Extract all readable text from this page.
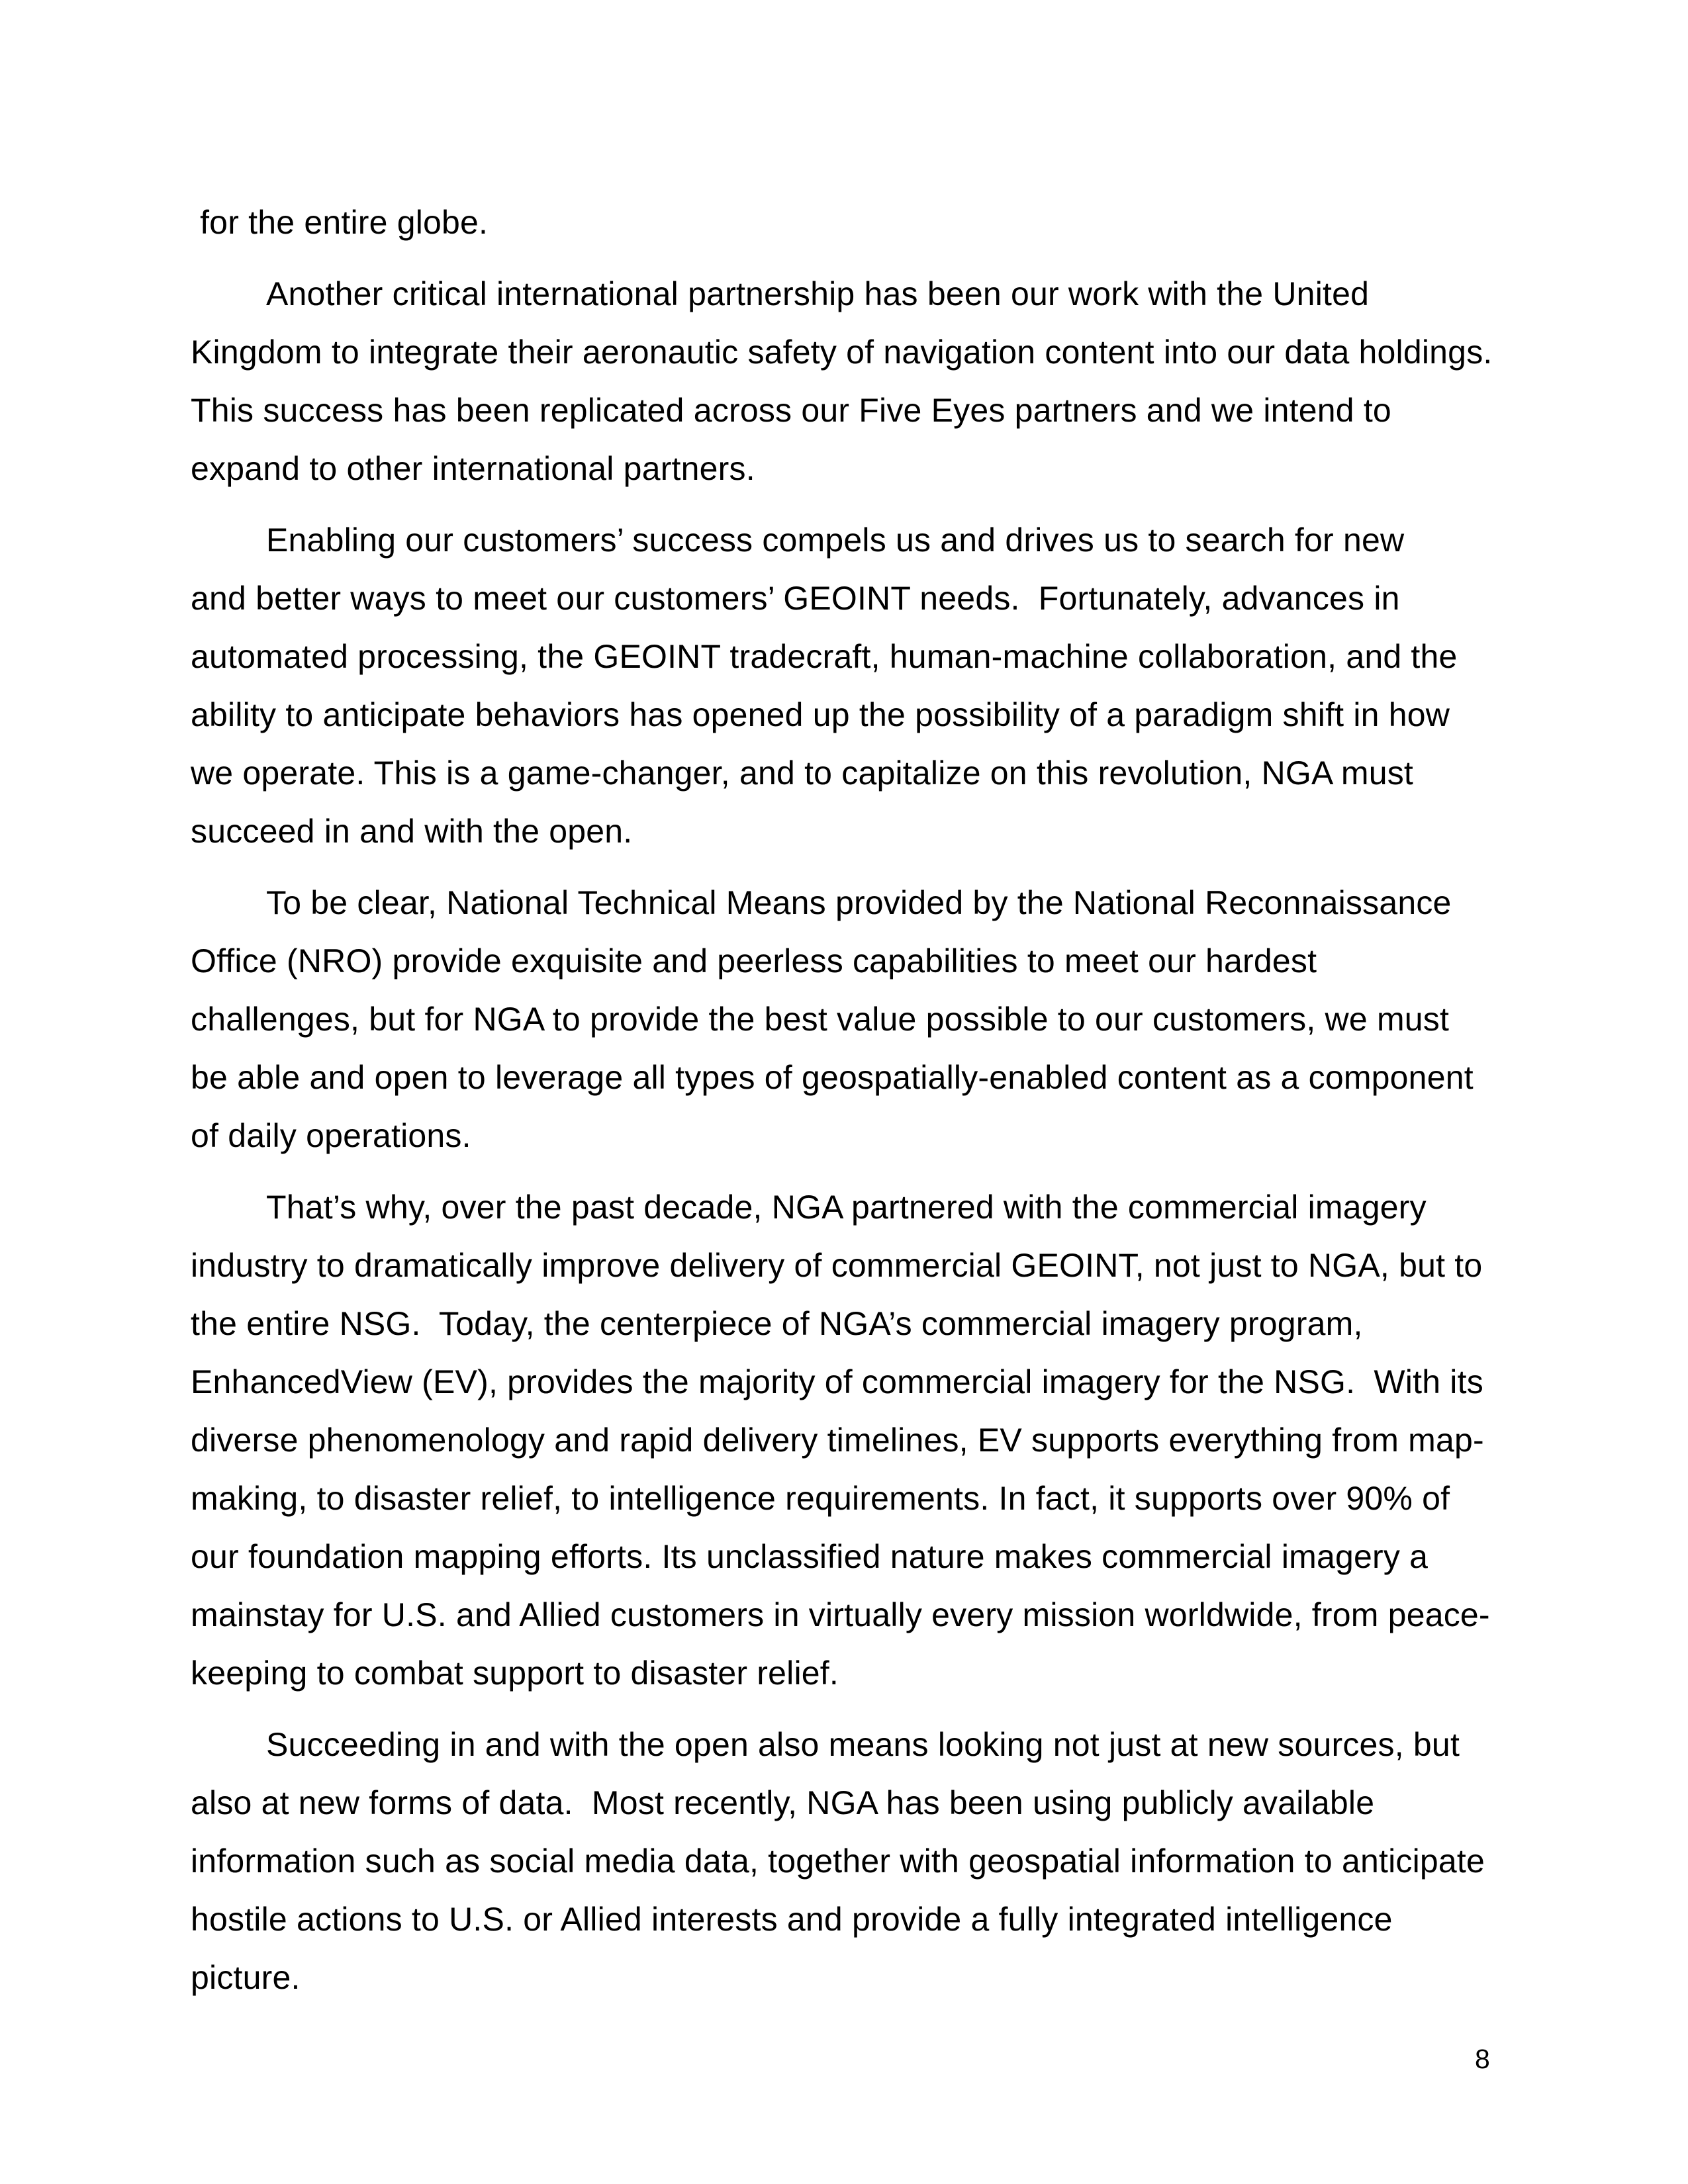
for the entire globe.

Another critical international partnership has been our work with the United
Kingdom to integrate their aeronautic safety of navigation content into our data holdings.
This success has been replicated across our Five Eyes partners and we intend to
expand to other international partners.

Enabling our customers’ success compels us and drives us to search for new
and better ways to meet our customers’ GEOINT needs.  Fortunately, advances in
automated processing, the GEOINT tradecraft, human-machine collaboration, and the
ability to anticipate behaviors has opened up the possibility of a paradigm shift in how
we operate. This is a game-changer, and to capitalize on this revolution, NGA must
succeed in and with the open.

To be clear, National Technical Means provided by the National Reconnaissance
Office (NRO) provide exquisite and peerless capabilities to meet our hardest
challenges, but for NGA to provide the best value possible to our customers, we must
be able and open to leverage all types of geospatially-enabled content as a component
of daily operations.

That’s why, over the past decade, NGA partnered with the commercial imagery
industry to dramatically improve delivery of commercial GEOINT, not just to NGA, but to
the entire NSG.  Today, the centerpiece of NGA’s commercial imagery program,
EnhancedView (EV), provides the majority of commercial imagery for the NSG.  With its
diverse phenomenology and rapid delivery timelines, EV supports everything from map-
making, to disaster relief, to intelligence requirements. In fact, it supports over 90% of
our foundation mapping efforts. Its unclassified nature makes commercial imagery a
mainstay for U.S. and Allied customers in virtually every mission worldwide, from peace-
keeping to combat support to disaster relief.

Succeeding in and with the open also means looking not just at new sources, but
also at new forms of data.  Most recently, NGA has been using publicly available
information such as social media data, together with geospatial information to anticipate
hostile actions to U.S. or Allied interests and provide a fully integrated intelligence
picture.

8
